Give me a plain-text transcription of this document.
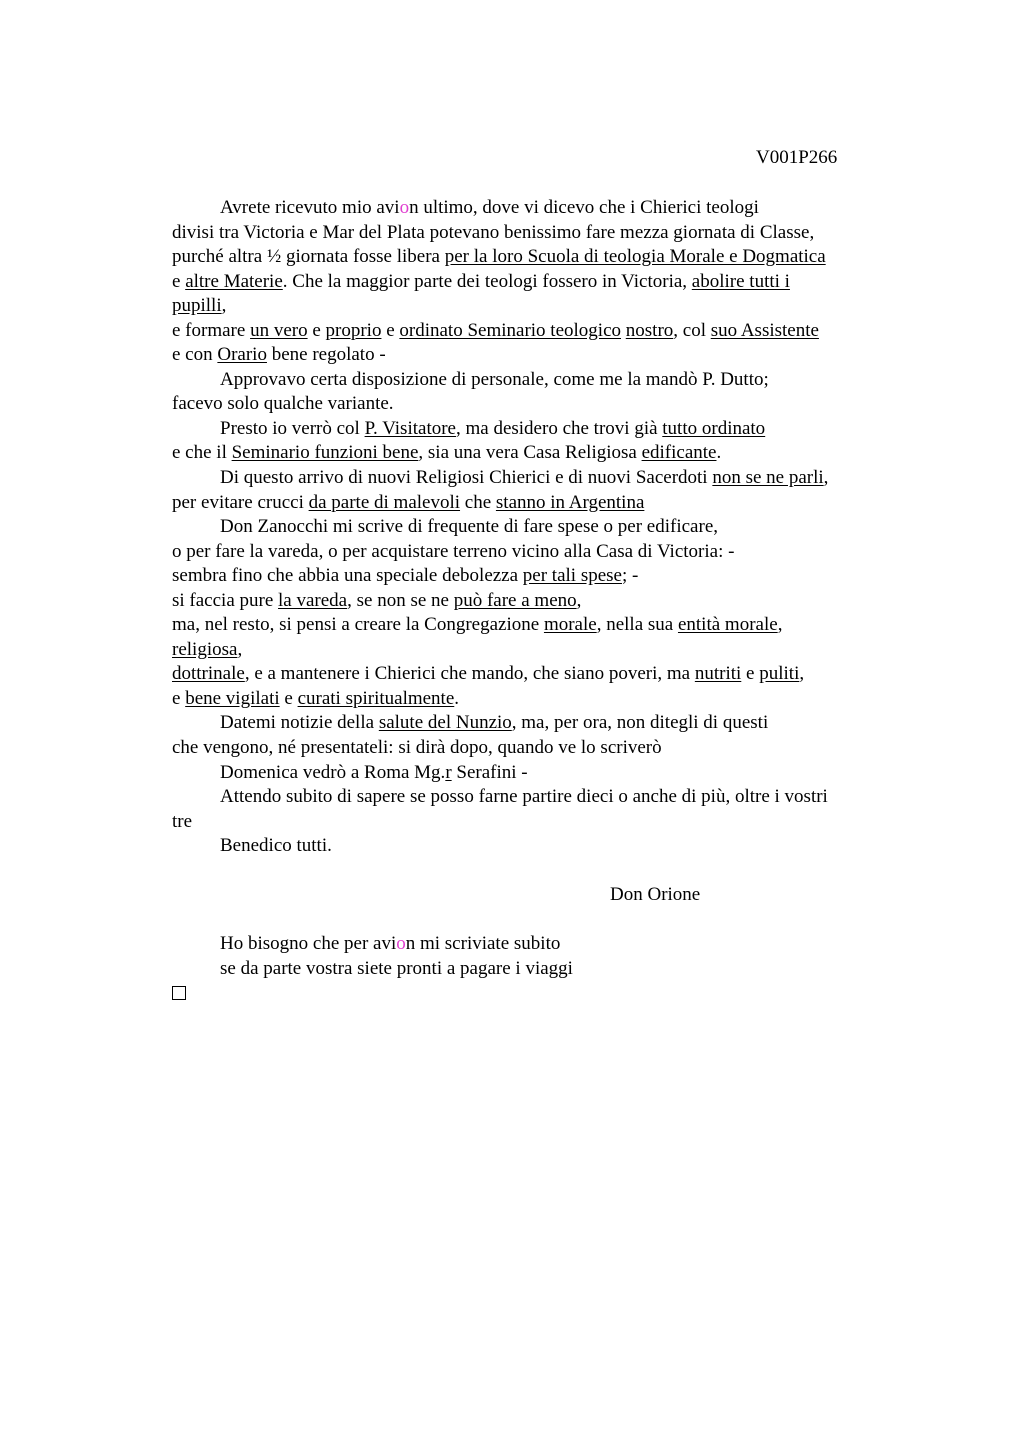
V001P266
Avrete ricevuto mio avion ultimo, dove vi dicevo che i Chierici teologi
divisi tra Victoria e Mar del Plata potevano benissimo fare mezza giornata di Classe,
purché altra ½ giornata fosse libera per la loro Scuola di teologia Morale e Dogmatica
e altre Materie. Che la maggior parte dei teologi fossero in Victoria, abolire tutti i
pupilli,
e formare un vero e proprio e ordinato Seminario teologico nostro, col suo Assistente
e con Orario bene regolato -
Approvavo certa disposizione di personale, come me la mandò P. Dutto;
facevo solo qualche variante.
Presto io verrò col P. Visitatore, ma desidero che trovi già tutto ordinato
e che il Seminario funzioni bene, sia una vera Casa Religiosa edificante.
Di questo arrivo di nuovi Religiosi Chierici e di nuovi Sacerdoti non se ne parli,
per evitare crucci da parte di malevoli che stanno in Argentina
Don Zanocchi mi scrive di frequente di fare spese o per edificare,
o per fare la vareda, o per acquistare terreno vicino alla Casa di Victoria: -
sembra fino che abbia una speciale debolezza per tali spese; -
si faccia pure la vareda, se non se ne può fare a meno,
ma, nel resto, si pensi a creare la Congregazione morale, nella sua entità morale,
religiosa,
dottrinale, e a mantenere i Chierici che mando, che siano poveri, ma nutriti e puliti,
e bene vigilati e curati spiritualmente.
Datemi notizie della salute del Nunzio, ma, per ora, non ditegli di questi
che vengono, né presentateli: si dirà dopo, quando ve lo scriverò
Domenica vedrò a Roma Mg.r Serafini -
Attendo subito di sapere se posso farne partire dieci o anche di più, oltre i vostri
tre
Benedico tutti.

Don Orione

Ho bisogno che per avion mi scriviate subito
se da parte vostra siete pronti a pagare i viaggi
